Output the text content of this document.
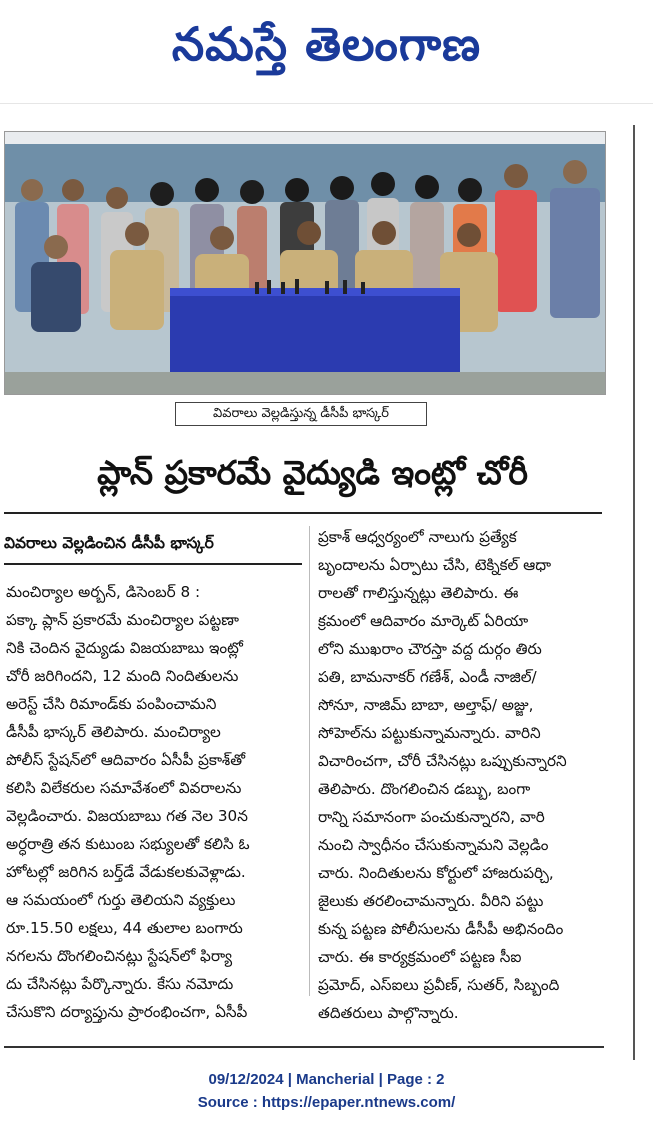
నమస్తే తెలంగాణ
వివరాలు వెల్లడిస్తున్న డీసీపీ భాస్కర్
ప్లాన్ ప్రకారమే వైద్యుడి ఇంట్లో చోరీ
వివరాలు వెల్లడించిన డీసీపీ భాస్కర్
మంచిర్యాల అర్బన్, డిసెంబర్ 8 :
పక్కా ప్లాన్ ప్రకారమే మంచిర్యాల పట్టణా
నికి చెందిన వైద్యుడు విజయబాబు ఇంట్లో
చోరీ జరిగిందని, 12 మంది నిందితులను
అరెస్ట్ చేసి రిమాండ్‌కు పంపించామని
డీసీపీ భాస్కర్ తెలిపారు. మంచిర్యాల
పోలీస్ స్టేషన్‌లో ఆదివారం ఏసీపీ ప్రకాశ్‌తో
కలిసి విలేకరుల సమావేశంలో వివరాలను
వెల్లడించారు. విజయబాబు గత నెల 30న
అర్ధరాత్రి తన కుటుంబ సభ్యులతో కలిసి ఓ
హోటల్లో జరిగిన బర్త్‌డే వేడుకలకువెళ్లాడు.
ఆ సమయంలో గుర్తు తెలియని వ్యక్తులు
రూ.15.50 లక్షలు, 44 తులాల బంగారు
నగలను దొంగలించినట్లు స్టేషన్‌లో ఫిర్యా
దు చేసినట్లు పేర్కొన్నారు. కేసు నమోదు
చేసుకొని దర్యాప్తును ప్రారంభించగా, ఏసీపీ
ప్రకాశ్ ఆధ్వర్యంలో నాలుగు ప్రత్యేక
బృందాలను ఏర్పాటు చేసి, టెక్నికల్ ఆధా
రాలతో గాలిస్తున్నట్లు తెలిపారు. ఈ
క్రమంలో ఆదివారం మార్కెట్ ఏరియా
లోని ముఖరాం చౌరస్తా వద్ద దుర్గం తిరు
పతి, బామనాకర్ గణేశ్, ఎండీ నాజిల్/
సోనూ, నాజిమ్ బాబా, అల్తాఫ్/ అజ్జు,
సోహెల్‌ను పట్టుకున్నామన్నారు. వారిని
విచారించగా, చోరీ చేసినట్లు ఒప్పుకున్నారని
తెలిపారు. దొంగలించిన డబ్బు, బంగా
రాన్ని సమానంగా పంచుకున్నారని, వారి
నుంచి స్వాధీనం చేసుకున్నామని వెల్లడిం
చారు. నిందితులను కోర్టులో హాజరుపర్చి,
జైలుకు తరలించామన్నారు. వీరిని పట్టు
కున్న పట్టణ పోలీసులను డీసీపీ అభినందిం
చారు. ఈ కార్యక్రమంలో పట్టణ సీఐ
ప్రమోద్, ఎస్ఐలు ప్రవీణ్, సుతర్, సిబ్బంది
తదితరులు పాల్గొన్నారు.
09/12/2024 | Mancherial | Page : 2
Source : https://epaper.ntnews.com/
